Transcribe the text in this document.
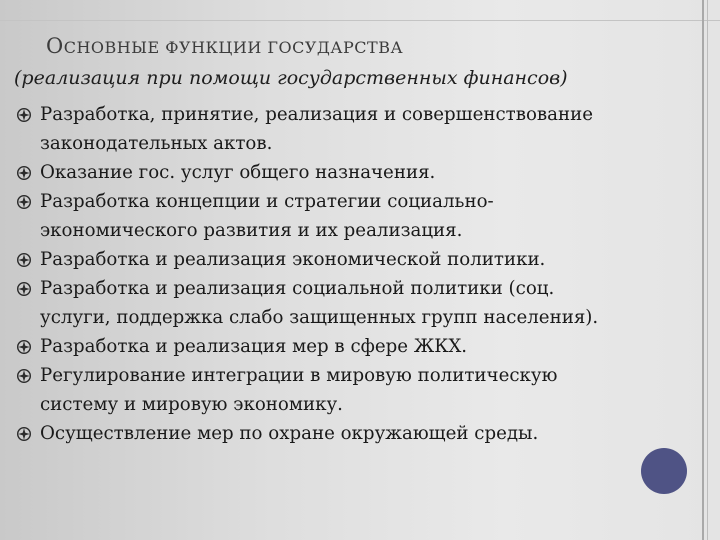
ОСНОВНЫЕ ФУНКЦИИ ГОСУДАРСТВА
(реализация при помощи государственных финансов)
Разработка, принятие, реализация и совершенствование
законодательных актов.
Оказание гос. услуг общего назначения.
Разработка концепции и стратегии социально-
экономического развития и их реализация.
Разработка и реализация экономической политики.
Разработка и реализация социальной политики (соц.
услуги, поддержка слабо защищенных групп населения).
Разработка и реализация мер в сфере ЖКХ.
Регулирование интеграции в мировую политическую
систему и мировую экономику.
Осуществление мер по охране окружающей среды.
